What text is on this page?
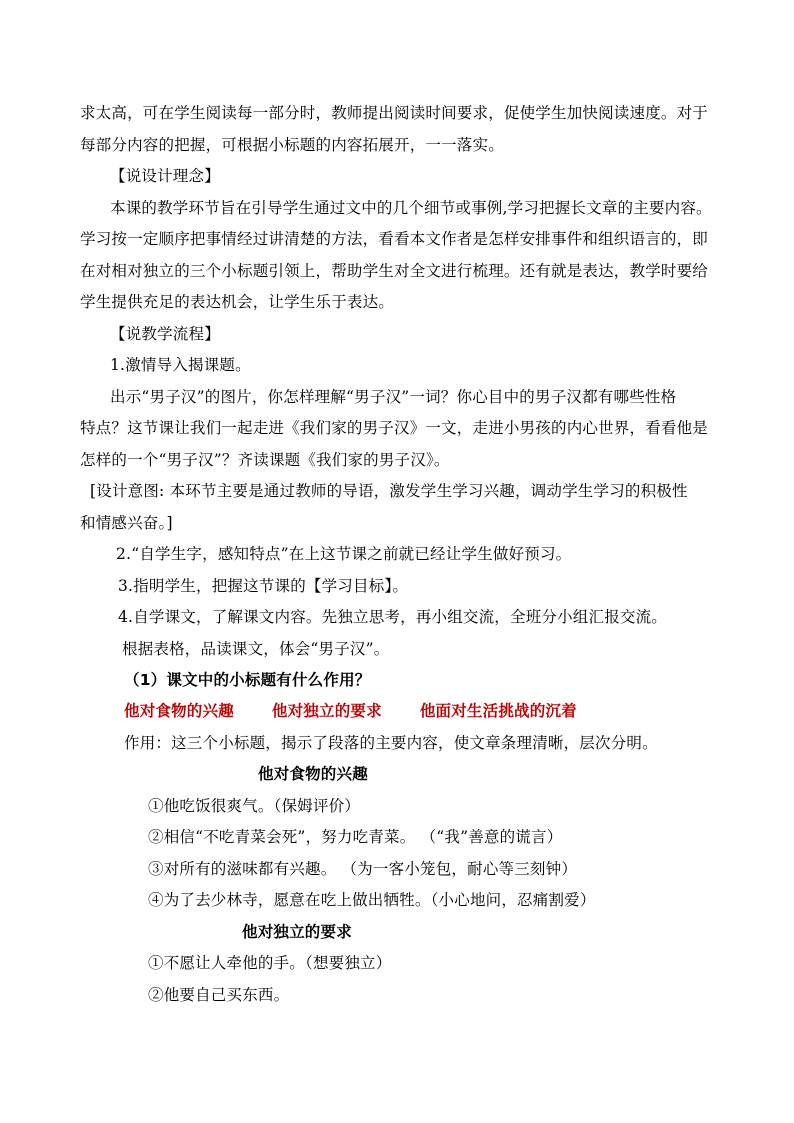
求太高，可在学生阅读每一部分时，教师提出阅读时间要求，促使学生加快阅读速度。对于
每部分内容的把握，可根据小标题的内容拓展开，一一落实。
【说设计理念】
本课的教学环节旨在引导学生通过文中的几个细节或事例,学习把握长文章的主要内容。
学习按一定顺序把事情经过讲清楚的方法，看看本文作者是怎样安排事件和组织语言的，即
在对相对独立的三个小标题引领上，帮助学生对全文进行梳理。还有就是表达，教学时要给
学生提供充足的表达机会，让学生乐于表达。
【说教学流程】
1.激情导入揭课题。
出示“男子汉”的图片，你怎样理解“男子汉”一词？你心目中的男子汉都有哪些性格
特点？这节课让我们一起走进《我们家的男子汉》一文，走进小男孩的内心世界，看看他是
怎样的一个“男子汉”？齐读课题《我们家的男子汉》。
[设计意图: 本环节主要是通过教师的导语，激发学生学习兴趣，调动学生学习的积极性
和情感兴奋。]
2.“自学生字，感知特点”在上这节课之前就已经让学生做好预习。
3.指明学生，把握这节课的【学习目标】。
4.自学课文，了解课文内容。先独立思考，再小组交流，全班分小组汇报交流。
根据表格，品读课文，体会“男子汉”。
（1）课文中的小标题有什么作用？
他对食物的兴趣 他对独立的要求 他面对生活挑战的沉着
作用：这三个小标题，揭示了段落的主要内容，使文章条理清晰，层次分明。
他对食物的兴趣
①他吃饭很爽气。（保姆评价）
②相信“不吃青菜会死”，努力吃青菜。 （“我”善意的谎言）
③对所有的滋味都有兴趣。 （为一客小笼包，耐心等三刻钟）
④为了去少林寺，愿意在吃上做出牺牲。（小心地问，忍痛割爱）
他对独立的要求
①不愿让人牵他的手。（想要独立）
②他要自己买东西。
